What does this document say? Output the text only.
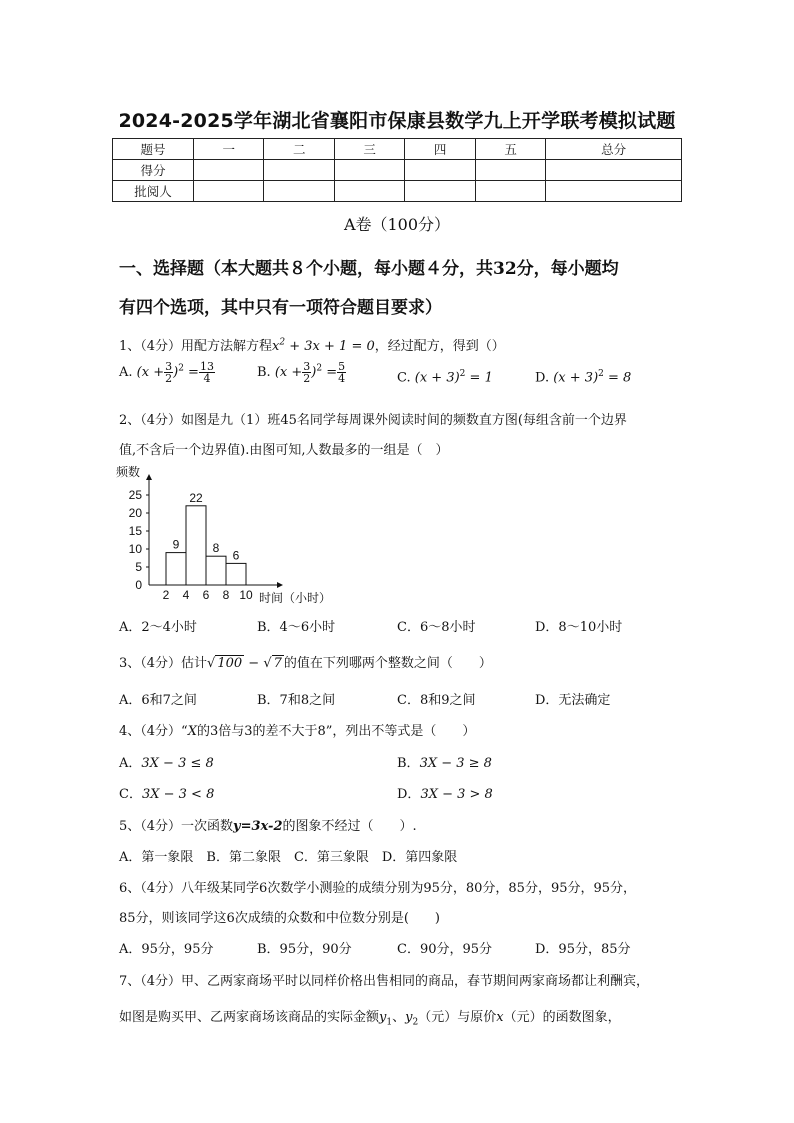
2024-2025学年湖北省襄阳市保康县数学九上开学联考模拟试题
题号	一	二	三	四	五	总分
得分						
批阅人						
A卷（100分）
一、选择题（本大题共８个小题，每小题４分，共32分，每小题均
有四个选项，其中只有一项符合题目要求）
1、（4分）用配方法解方程$x^2 + 3x + 1 = 0$，经过配方，得到（）
A. $(x + \frac{3}{2} )^2 = \frac{13}{4}$	B. $(x + \frac{3}{2} )^2 = \frac{5}{4}$	C. $(x + 3)^2 = 1$	D. $(x + 3)^2 = 8$
2、（4分）如图是九（1）班45名同学每周课外阅读时间的频数直方图(每组含前一个边界
值,不含后一个边界值).由图可知,人数最多的一组是（　）
0
5
10
15
20
25
2 4 6 8 10
9
22
8
6
频数
时间（小时）
A．2～4小时	B．4～6小时	C．6～8小时	D．8～10小时
3、（4分）估计√ 100 − √ 7 的值在下列哪两个整数之间（　　）
A．6和7之间	B．7和8之间	C．8和9之间	D．无法确定
4、（4分）“X的3倍与3的差不大于8”，列出不等式是（　　）
A．3X − 3 ≤ 8	B．3X − 3 ≥ 8
C．3X − 3 < 8	D．3X − 3 > 8
5、（4分）一次函数y=3x-2的图象不经过（　　）.
A．第一象限　B．第二象限　C．第三象限　D．第四象限
6、（4分）八年级某同学6次数学小测验的成绩分别为95分，80分，85分，95分，95分，
85分，则该同学这6次成绩的众数和中位数分别是(　　)
A．95分，95分	B．95分，90分	C．90分，95分	D．95分，85分
7、（4分）甲、乙两家商场平时以同样价格出售相同的商品，春节期间两家商场都让利酬宾，
如图是购买甲、乙两家商场该商品的实际金额$y_1$、$y_2$（元）与原价x（元）的函数图象，
